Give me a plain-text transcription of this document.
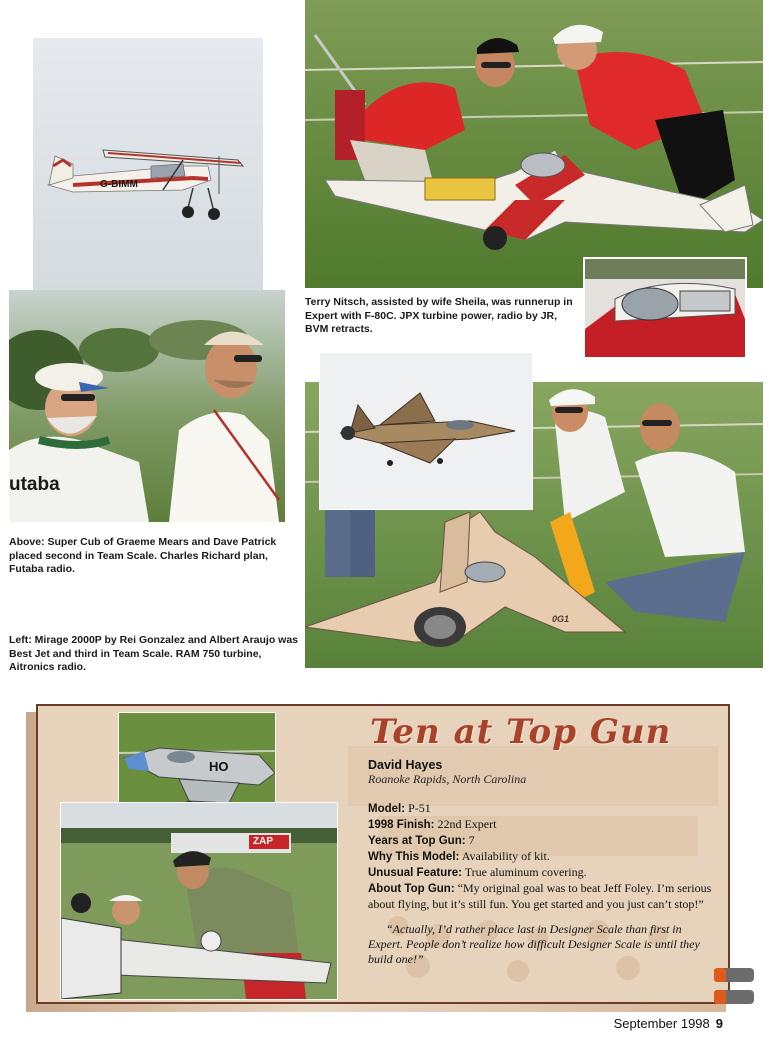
G-BIMM
utaba
0G1
Terry Nitsch, assisted by wife Sheila, was runnerup in Expert with F-80C. JPX turbine power, radio by JR, BVM retracts.
Above: Super Cub of Graeme Mears and Dave Patrick placed second in Team Scale. Charles Richard plan, Futaba radio.
Left: Mirage 2000P by Rei Gonzalez and Albert Araujo was Best Jet and third in Team Scale. RAM 750 turbine, Aitronics radio.
HO
ZAP
Ten at Top Gun
David Hayes
Roanoke Rapids, North Carolina
Model: P-51
1998 Finish: 22nd Expert
Years at Top Gun: 7
Why This Model: Availability of kit.
Unusual Feature: True aluminum covering.
About Top Gun: “My original goal was to beat Jeff Foley. I’m serious about flying, but it’s still fun. You get started and you just can’t stop!”
“Actually, I’d rather place last in Designer Scale than first in Expert. People don’t realize how difficult Designer Scale is until they build one!”
September 1998 9
